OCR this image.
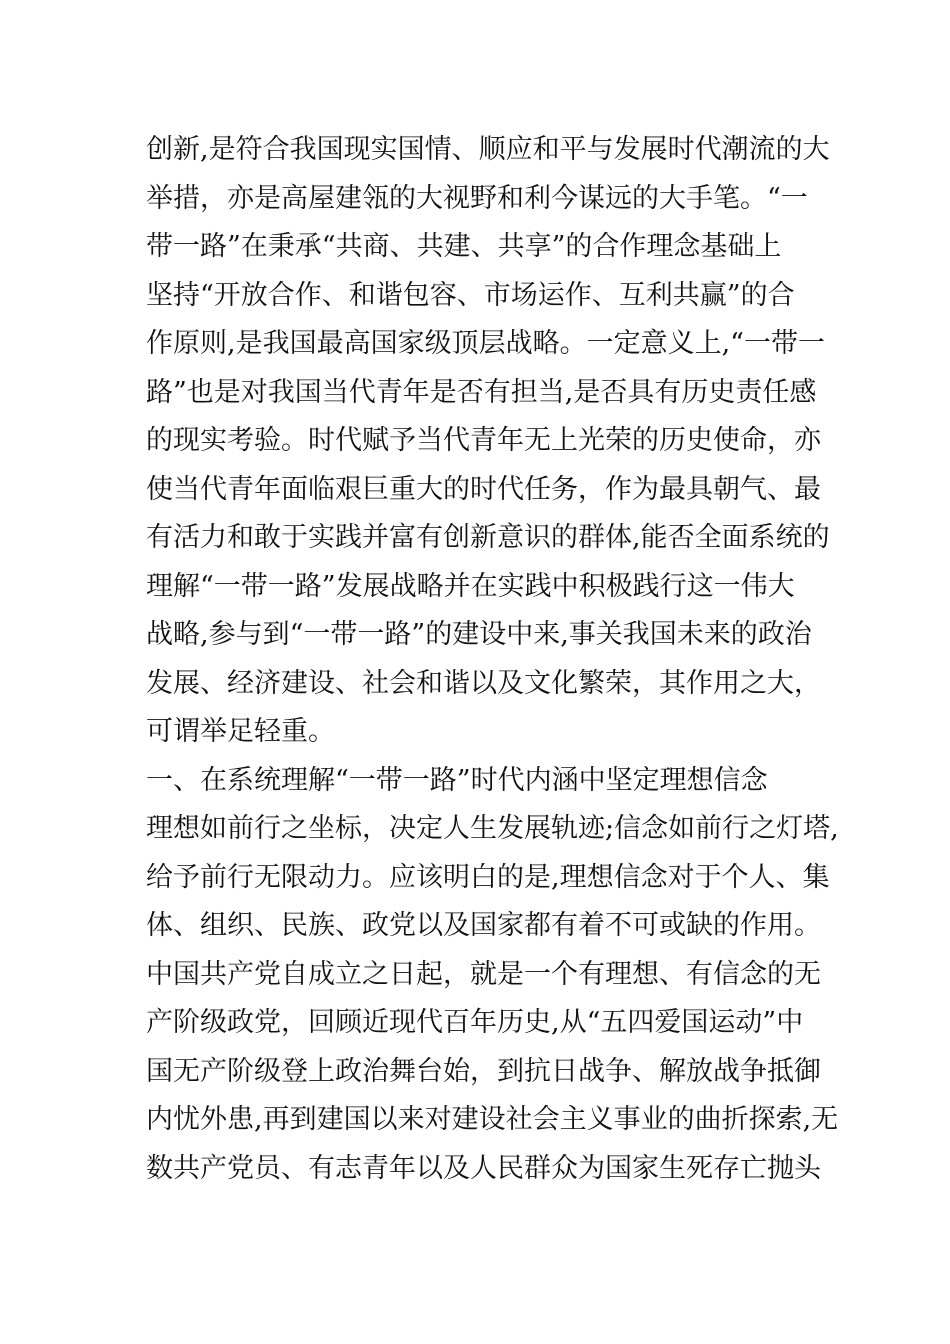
创新,是符合我国现实国情、顺应和平与发展时代潮流的大
举措，亦是高屋建瓴的大视野和利今谋远的大手笔。“一
带一路”在秉承“共商、共建、共享”的合作理念基础上
坚持“开放合作、和谐包容、市场运作、互利共赢”的合
作原则,是我国最高国家级顶层战略。一定意义上,“一带一
路”也是对我国当代青年是否有担当,是否具有历史责任感
的现实考验。时代赋予当代青年无上光荣的历史使命，亦
使当代青年面临艰巨重大的时代任务，作为最具朝气、最
有活力和敢于实践并富有创新意识的群体,能否全面系统的
理解“一带一路”发展战略并在实践中积极践行这一伟大
战略,参与到“一带一路”的建设中来,事关我国未来的政治
发展、经济建设、社会和谐以及文化繁荣，其作用之大，
可谓举足轻重。
一、在系统理解“一带一路”时代内涵中坚定理想信念
理想如前行之坐标，决定人生发展轨迹;信念如前行之灯塔,
给予前行无限动力。应该明白的是,理想信念对于个人、集
体、组织、民族、政党以及国家都有着不可或缺的作用。
中国共产党自成立之日起，就是一个有理想、有信念的无
产阶级政党，回顾近现代百年历史,从“五四爱国运动”中
国无产阶级登上政治舞台始，到抗日战争、解放战争抵御
内忧外患,再到建国以来对建设社会主义事业的曲折探索,无
数共产党员、有志青年以及人民群众为国家生死存亡抛头
